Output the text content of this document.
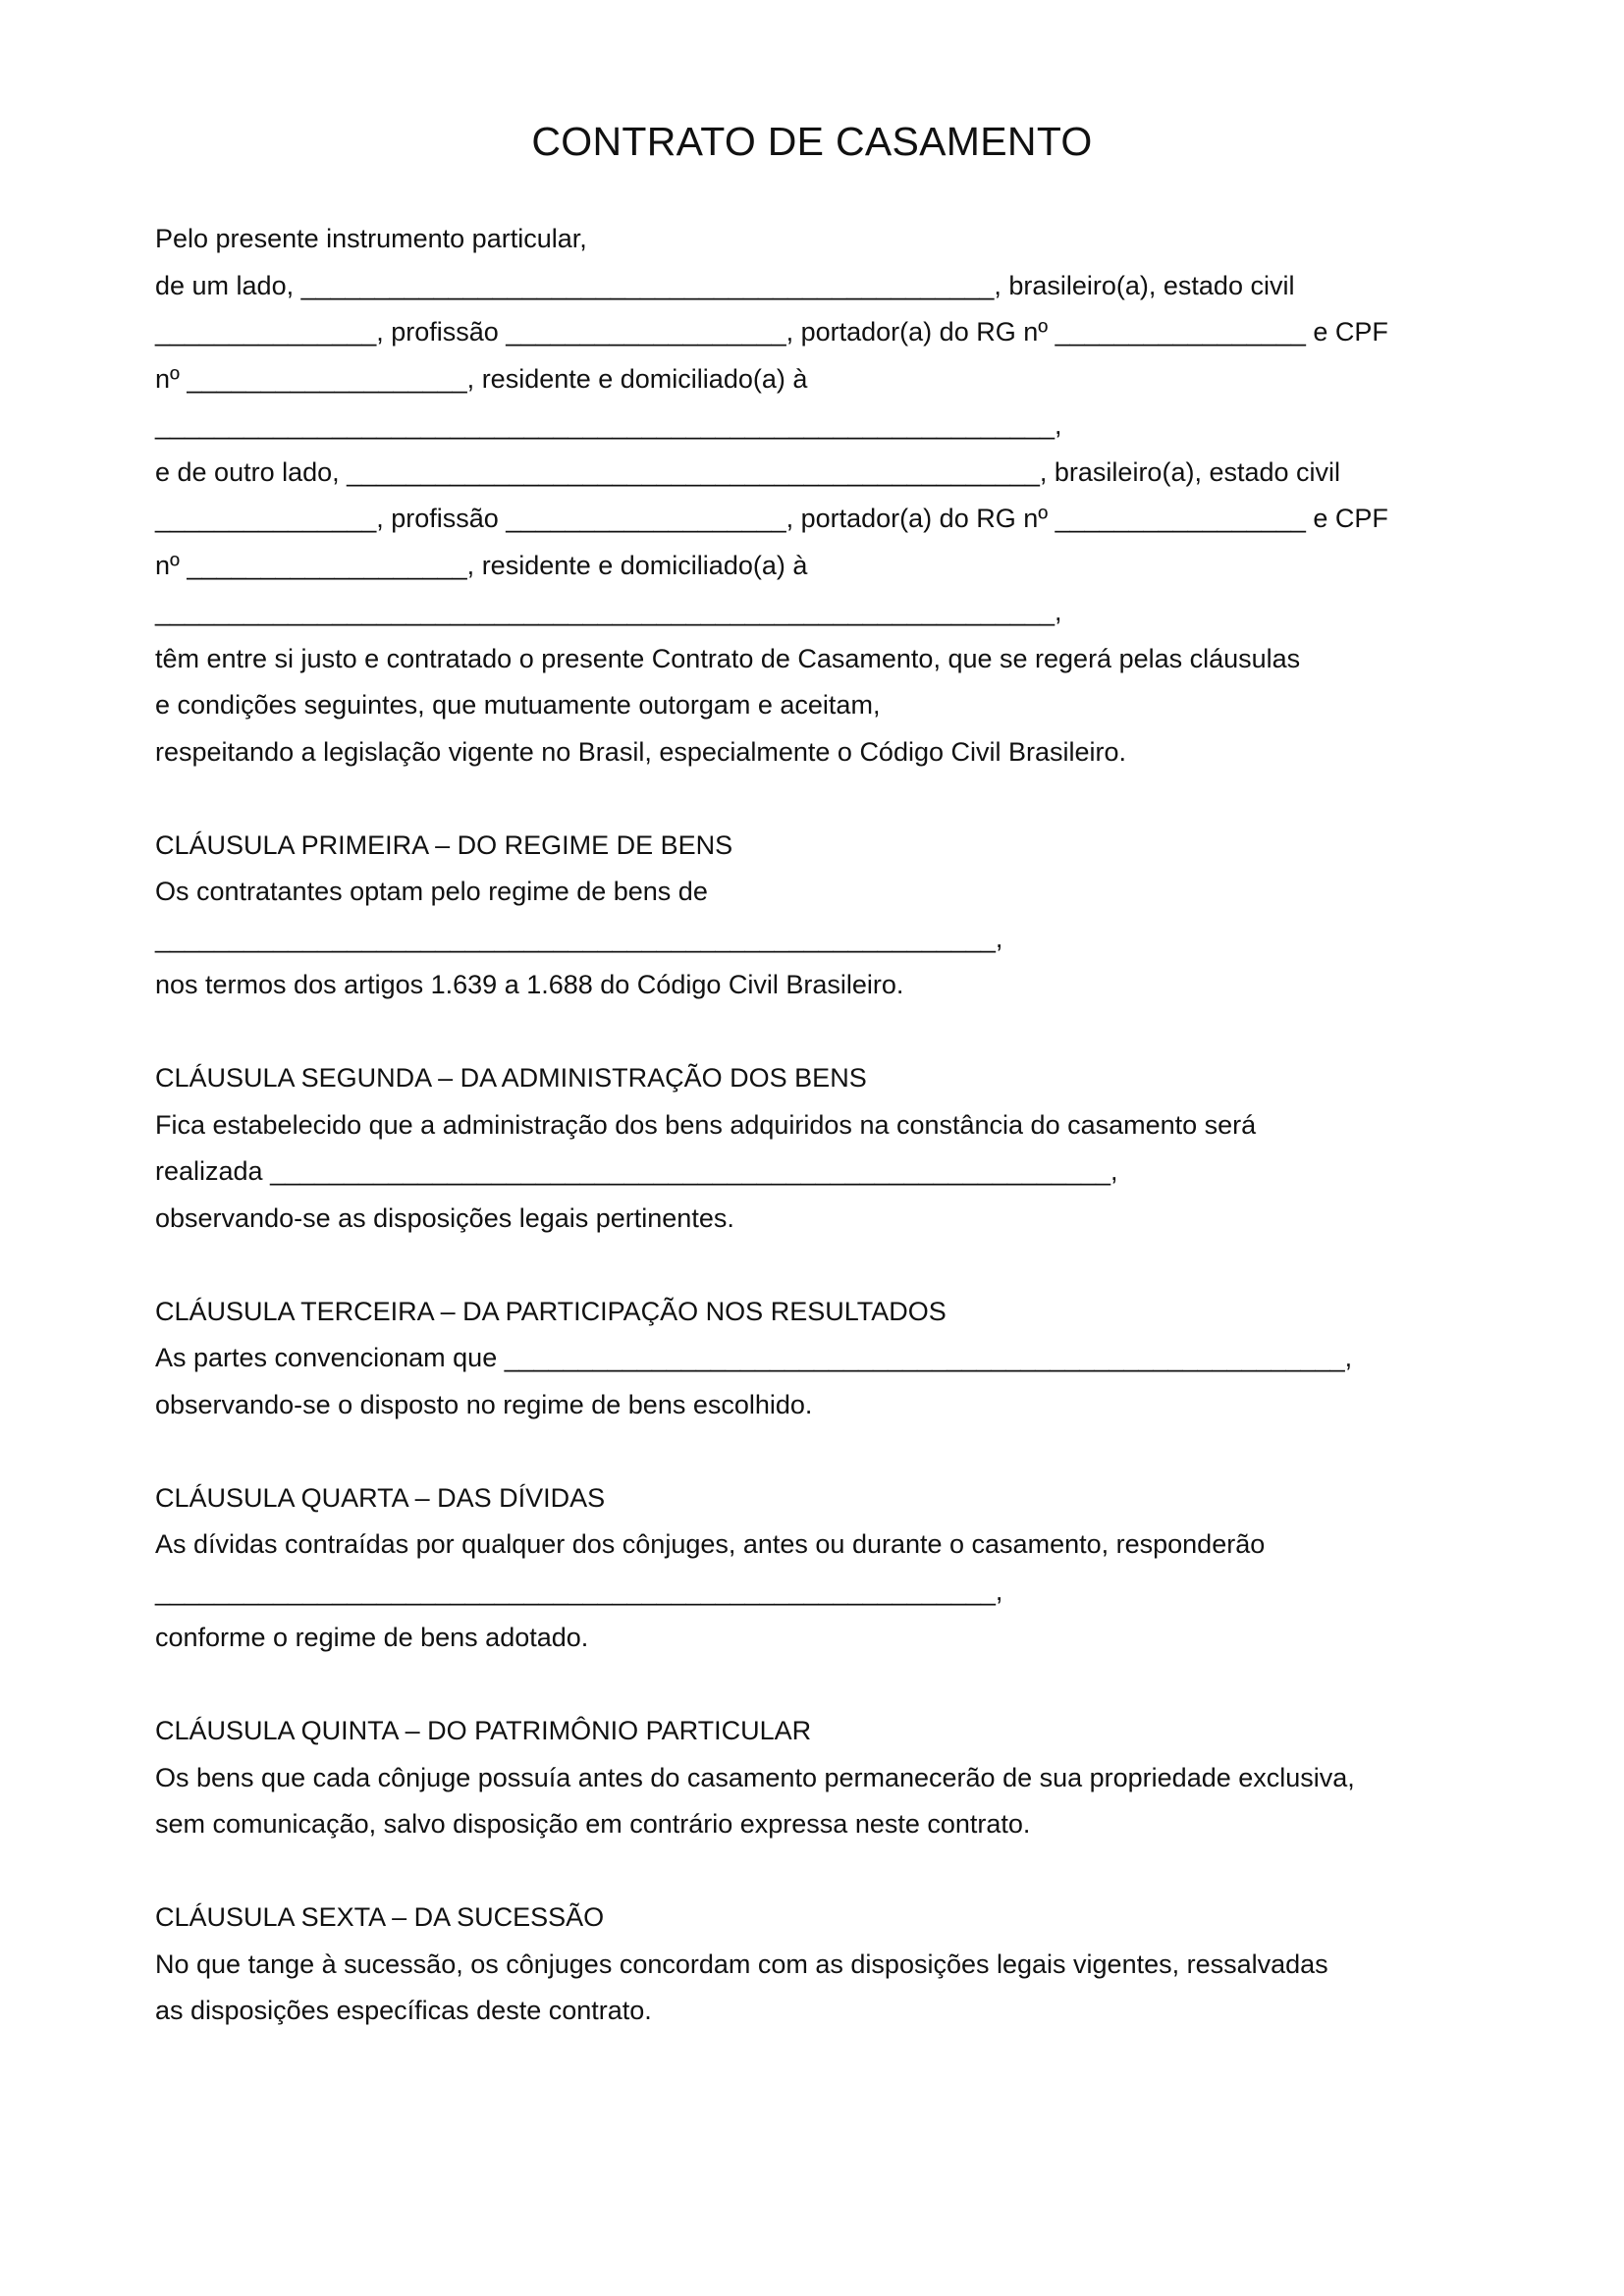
CONTRATO DE CASAMENTO
Pelo presente instrumento particular,
de um lado, _______________________________________________, brasileiro(a), estado civil
_______________, profissão ___________________, portador(a) do RG nº _________________ e CPF
nº ___________________, residente e domiciliado(a) à
_____________________________________________________________,
e de outro lado, _______________________________________________, brasileiro(a), estado civil
_______________, profissão ___________________, portador(a) do RG nº _________________ e CPF
nº ___________________, residente e domiciliado(a) à
_____________________________________________________________,
têm entre si justo e contratado o presente Contrato de Casamento, que se regerá pelas cláusulas
e condições seguintes, que mutuamente outorgam e aceitam,
respeitando a legislação vigente no Brasil, especialmente o Código Civil Brasileiro.
CLÁUSULA PRIMEIRA – DO REGIME DE BENS
Os contratantes optam pelo regime de bens de
_________________________________________________________,
nos termos dos artigos 1.639 a 1.688 do Código Civil Brasileiro.
CLÁUSULA SEGUNDA – DA ADMINISTRAÇÃO DOS BENS
Fica estabelecido que a administração dos bens adquiridos na constância do casamento será
realizada _________________________________________________________,
observando-se as disposições legais pertinentes.
CLÁUSULA TERCEIRA – DA PARTICIPAÇÃO NOS RESULTADOS
As partes convencionam que _________________________________________________________,
observando-se o disposto no regime de bens escolhido.
CLÁUSULA QUARTA – DAS DÍVIDAS
As dívidas contraídas por qualquer dos cônjuges, antes ou durante o casamento, responderão
_________________________________________________________,
conforme o regime de bens adotado.
CLÁUSULA QUINTA – DO PATRIMÔNIO PARTICULAR
Os bens que cada cônjuge possuía antes do casamento permanecerão de sua propriedade exclusiva,
sem comunicação, salvo disposição em contrário expressa neste contrato.
CLÁUSULA SEXTA – DA SUCESSÃO
No que tange à sucessão, os cônjuges concordam com as disposições legais vigentes, ressalvadas
as disposições específicas deste contrato.
